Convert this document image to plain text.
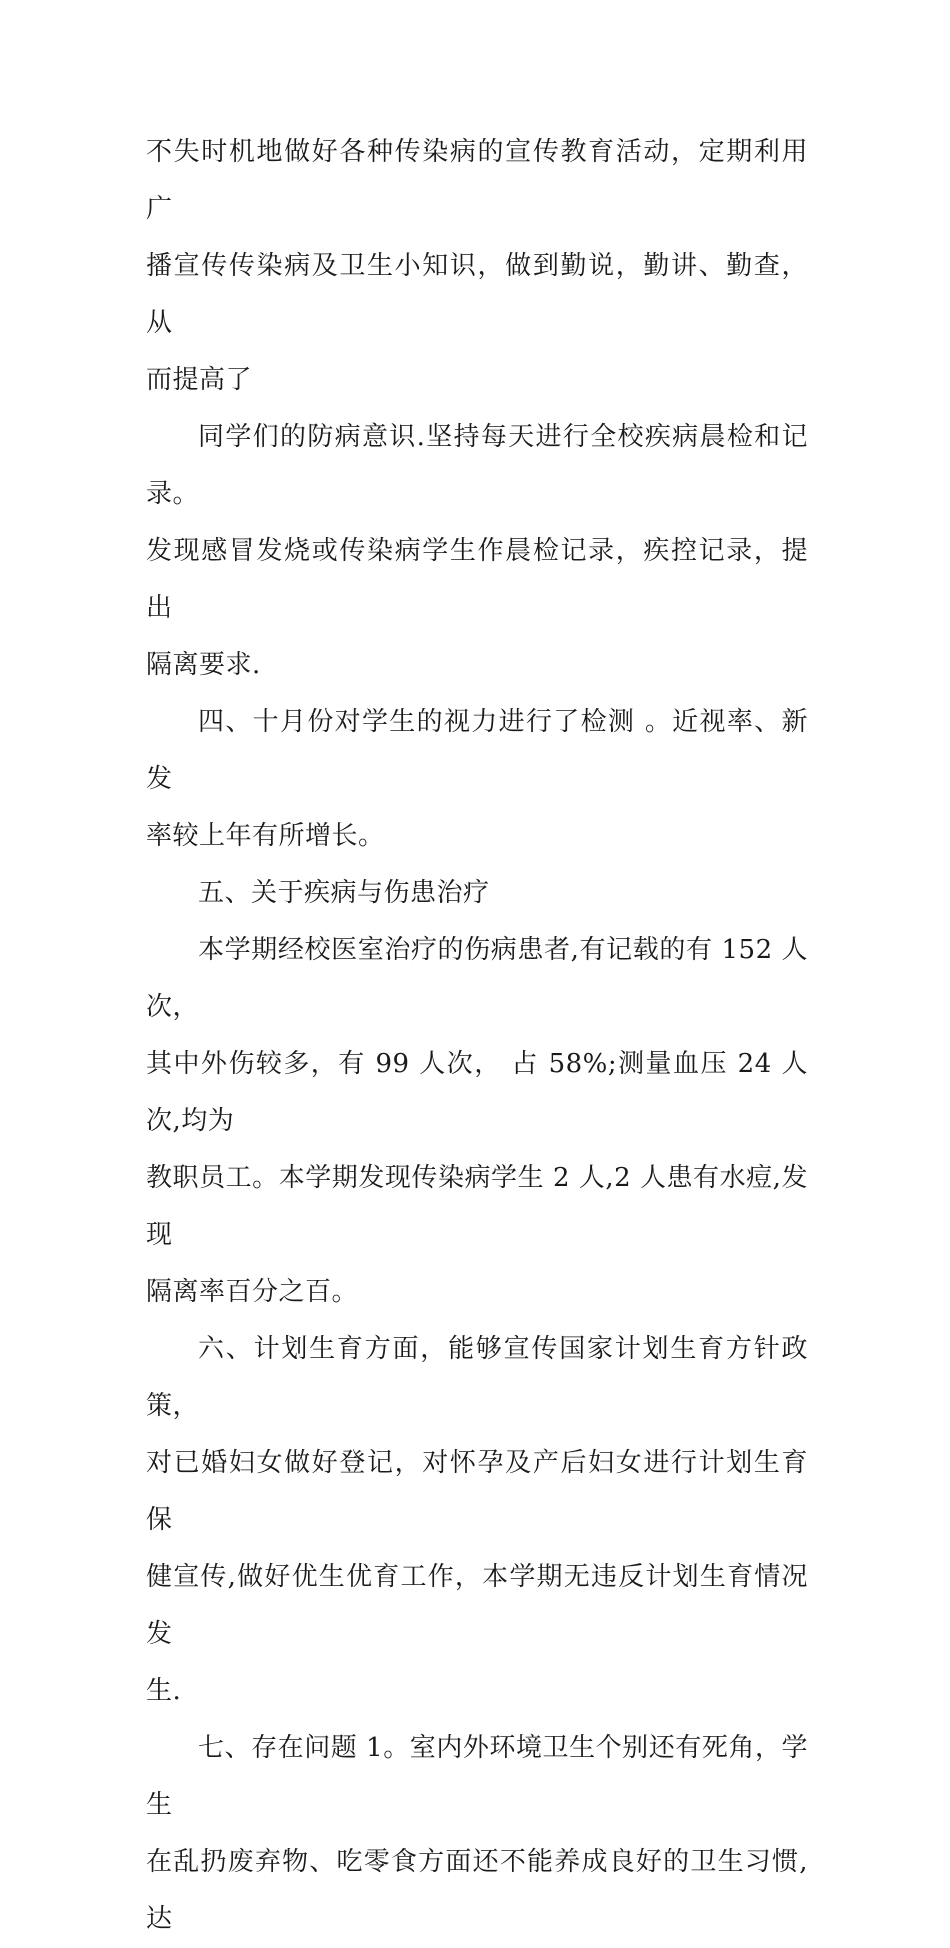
不失时机地做好各种传染病的宣传教育活动，定期利用广
播宣传传染病及卫生小知识，做到勤说，勤讲、勤查，从
而提高了

同学们的防病意识.坚持每天进行全校疾病晨检和记录。
发现感冒发烧或传染病学生作晨检记录，疾控记录，提出
隔离要求.

四、十月份对学生的视力进行了检测 。近视率、新发
率较上年有所增长。

五、关于疾病与伤患治疗

本学期经校医室治疗的伤病患者,有记载的有 152 人次，
其中外伤较多，有 99 人次， 占 58%;测量血压 24 人次,均为
教职员工。本学期发现传染病学生 2 人,2 人患有水痘,发现
隔离率百分之百。

六、计划生育方面，能够宣传国家计划生育方针政策，
对已婚妇女做好登记，对怀孕及产后妇女进行计划生育保
健宣传,做好优生优育工作，本学期无违反计划生育情况发
生.

七、存在问题 1。室内外环境卫生个别还有死角，学生
在乱扔废弃物、吃零食方面还不能养成良好的卫生习惯,达
